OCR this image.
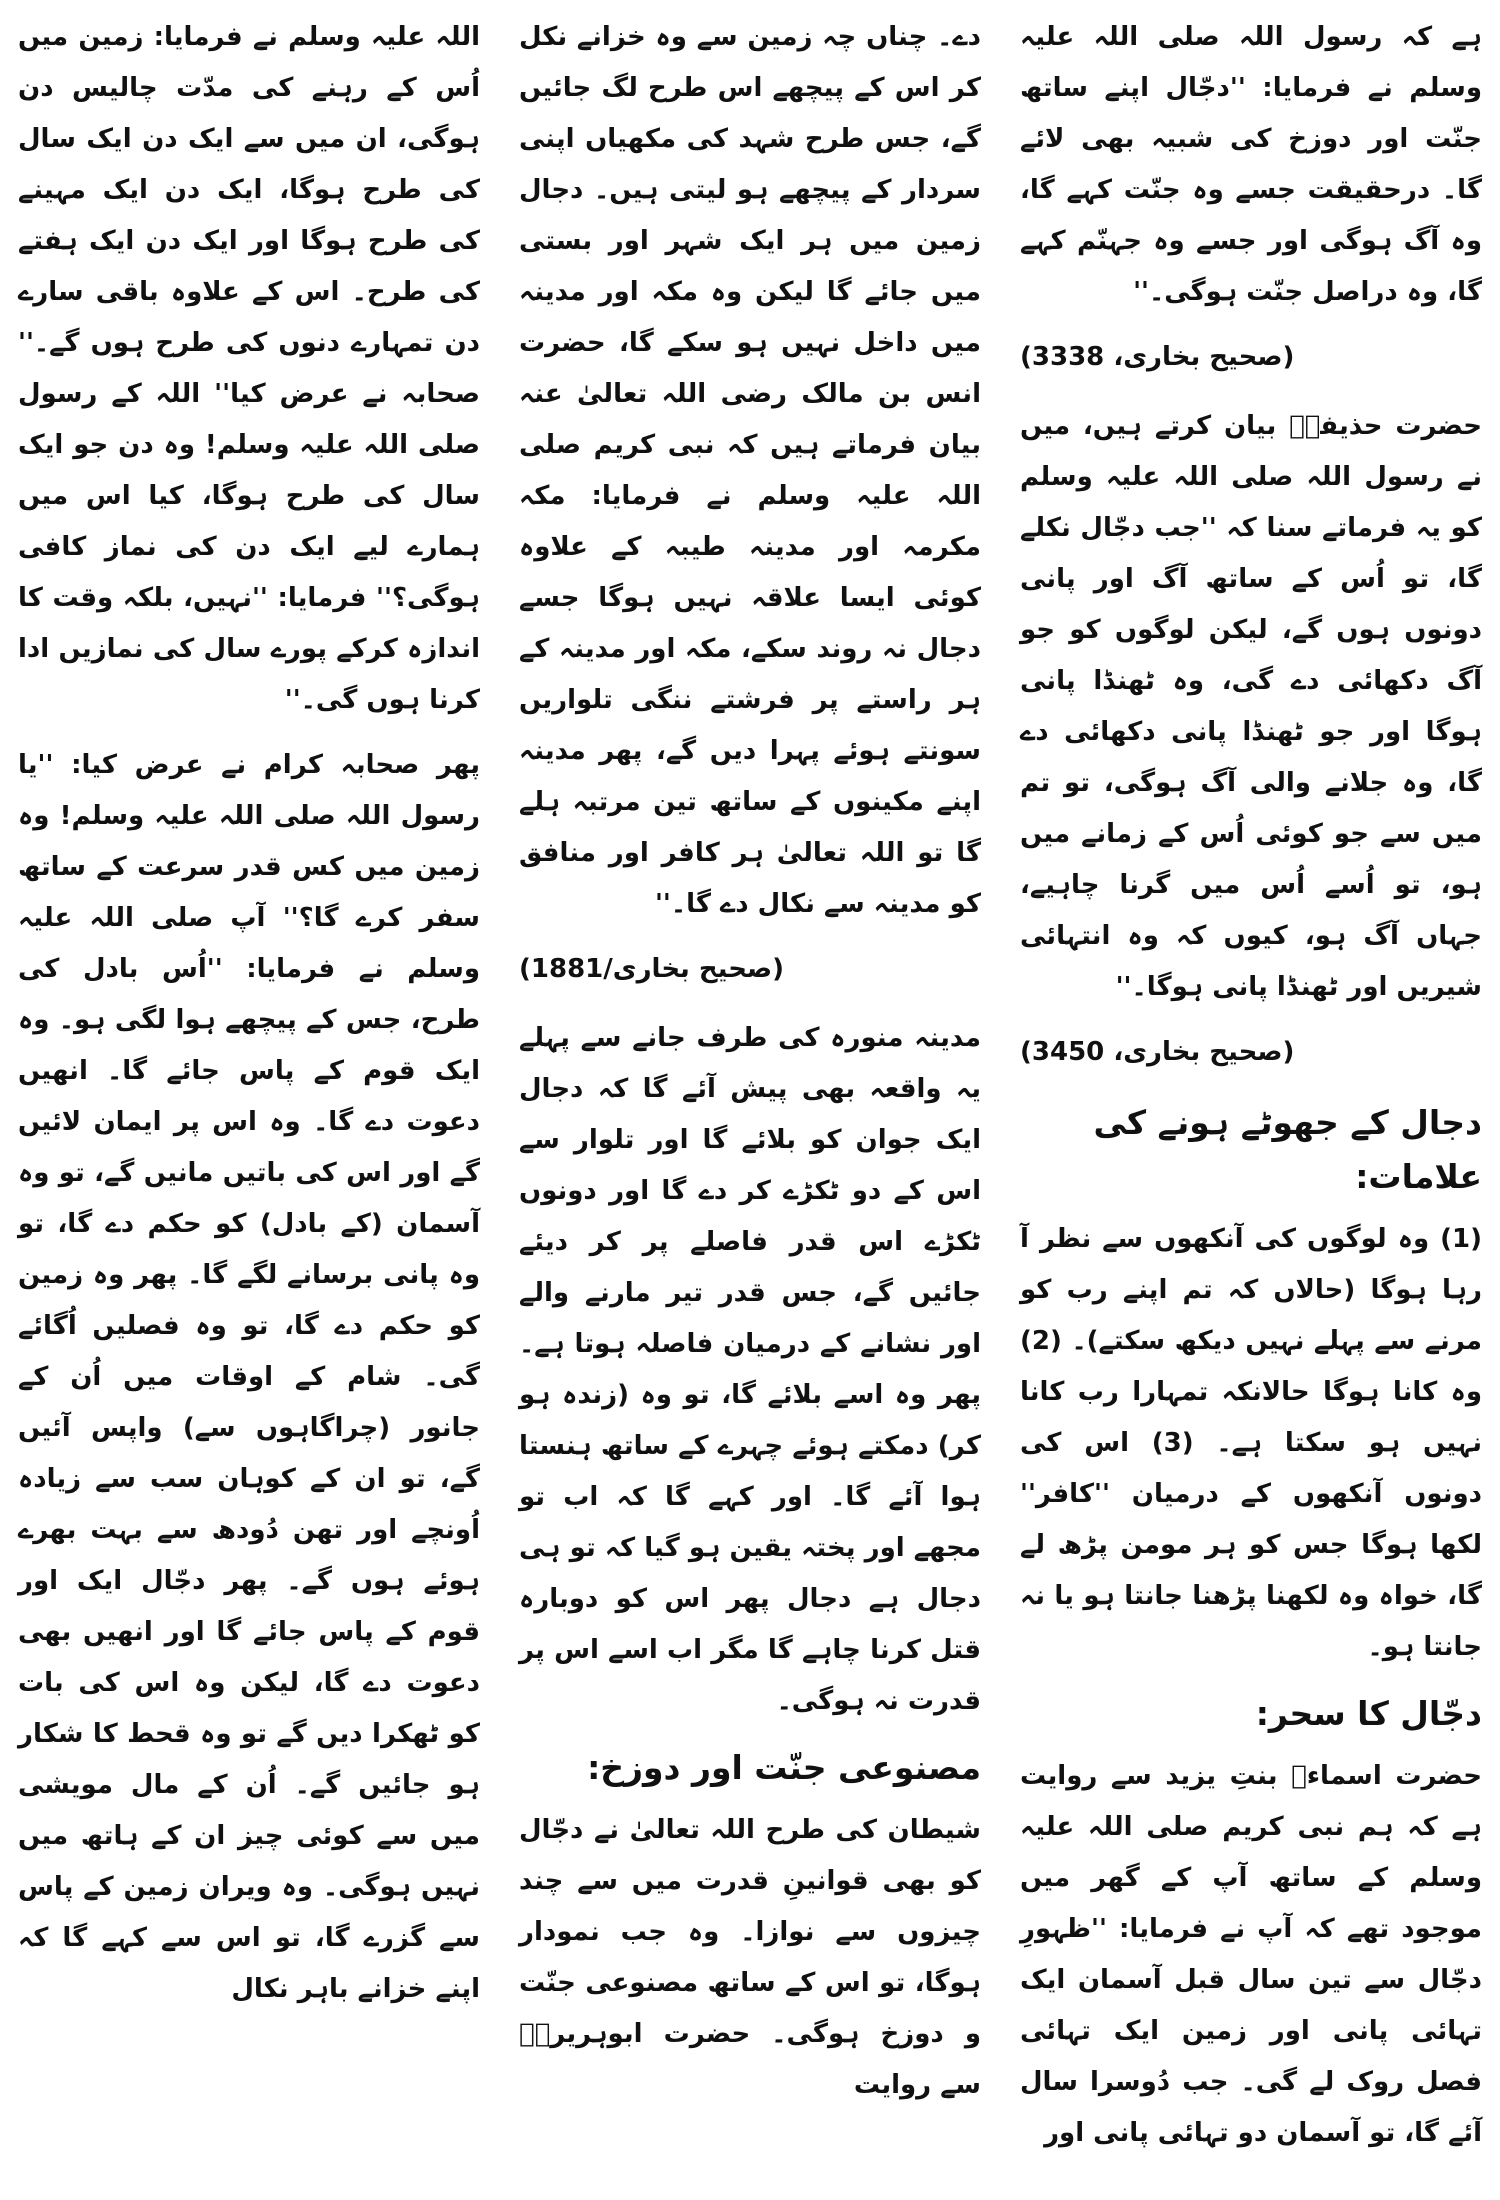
اللہ علیہ وسلم نے فرمایا: زمین میں اُس کے رہنے کی مدّت چالیس دن ہوگی، ان میں سے ایک دن ایک سال کی طرح ہوگا، ایک دن ایک مہینے کی طرح ہوگا اور ایک دن ایک ہفتے کی طرح۔ اس کے علاوہ باقی سارے دن تمہارے دنوں کی طرح ہوں گے۔'' صحابہ نے عرض کیا'' اللہ کے رسول صلی اللہ علیہ وسلم! وہ دن جو ایک سال کی طرح ہوگا، کیا اس میں ہمارے لیے ایک دن کی نماز کافی ہوگی؟'' فرمایا: ''نہیں، بلکہ وقت کا اندازہ کرکے پورے سال کی نمازیں ادا کرنا ہوں گی۔''

پھر صحابہ کرام نے عرض کیا: ''یا رسول اللہ صلی اللہ علیہ وسلم! وہ زمین میں کس قدر سرعت کے ساتھ سفر کرے گا؟'' آپ صلی اللہ علیہ وسلم نے فرمایا: ''اُس بادل کی طرح، جس کے پیچھے ہوا لگی ہو۔ وہ ایک قوم کے پاس جائے گا۔ انھیں دعوت دے گا۔ وہ اس پر ایمان لائیں گے اور اس کی باتیں مانیں گے، تو وہ آسمان (کے بادل) کو حکم دے گا، تو وہ پانی برسانے لگے گا۔ پھر وہ زمین کو حکم دے گا، تو وہ فصلیں اُگائے گی۔ شام کے اوقات میں اُن کے جانور (چراگاہوں سے) واپس آئیں گے، تو ان کے کوہان سب سے زیادہ اُونچے اور تھن دُودھ سے بہت بھرے ہوئے ہوں گے۔ پھر دجّال ایک اور قوم کے پاس جائے گا اور انھیں بھی دعوت دے گا، لیکن وہ اس کی بات کو ٹھکرا دیں گے تو وہ قحط کا شکار ہو جائیں گے۔ اُن کے مال مویشی میں سے کوئی چیز ان کے ہاتھ میں نہیں ہوگی۔ وہ ویران زمین کے پاس سے گزرے گا، تو اس سے کہے گا کہ اپنے خزانے باہر نکال

دے۔ چناں چہ زمین سے وہ خزانے نکل کر اس کے پیچھے اس طرح لگ جائیں گے، جس طرح شہد کی مکھیاں اپنی سردار کے پیچھے ہو لیتی ہیں۔ دجال زمین میں ہر ایک شہر اور بستی میں جائے گا لیکن وہ مکہ اور مدینہ میں داخل نہیں ہو سکے گا، حضرت انس بن مالک رضی اللہ تعالیٰ عنہ بیان فرماتے ہیں کہ نبی کریم صلی اللہ علیہ وسلم نے فرمایا: مکہ مکرمہ اور مدینہ طیبہ کے علاوہ کوئی ایسا علاقہ نہیں ہوگا جسے دجال نہ روند سکے، مکہ اور مدینہ کے ہر راستے پر فرشتے ننگی تلواریں سونتے ہوئے پہرا دیں گے، پھر مدینہ اپنے مکینوں کے ساتھ تین مرتبہ ہلے گا تو اللہ تعالیٰ ہر کافر اور منافق کو مدینہ سے نکال دے گا۔''

(صحیح بخاری/1881)

مدینہ منورہ کی طرف جانے سے پہلے یہ واقعہ بھی پیش آئے گا کہ دجال ایک جوان کو بلائے گا اور تلوار سے اس کے دو ٹکڑے کر دے گا اور دونوں ٹکڑے اس قدر فاصلے پر کر دیئے جائیں گے، جس قدر تیر مارنے والے اور نشانے کے درمیان فاصلہ ہوتا ہے۔ پھر وہ اسے بلائے گا، تو وہ (زندہ ہو کر) دمکتے ہوئے چہرے کے ساتھ ہنستا ہوا آئے گا۔ اور کہے گا کہ اب تو مجھے اور پختہ یقین ہو گیا کہ تو ہی دجال ہے دجال پھر اس کو دوبارہ قتل کرنا چاہے گا مگر اب اسے اس پر قدرت نہ ہوگی۔

مصنوعی جنّت اور دوزخ:

شیطان کی طرح اللہ تعالیٰ نے دجّال کو بھی قوانینِ قدرت میں سے چند چیزوں سے نوازا۔ وہ جب نمودار ہوگا، تو اس کے ساتھ مصنوعی جنّت و دوزخ ہوگی۔ حضرت ابوہریرہؓ سے روایت

ہے کہ رسول اللہ صلی اللہ علیہ وسلم نے فرمایا: ''دجّال اپنے ساتھ جنّت اور دوزخ کی شبیہ بھی لائے گا۔ درحقیقت جسے وہ جنّت کہے گا، وہ آگ ہوگی اور جسے وہ جہنّم کہے گا، وہ دراصل جنّت ہوگی۔''

(صحیح بخاری، 3338)

حضرت حذیفہؓ بیان کرتے ہیں، میں نے رسول اللہ صلی اللہ علیہ وسلم کو یہ فرماتے سنا کہ ''جب دجّال نکلے گا، تو اُس کے ساتھ آگ اور پانی دونوں ہوں گے، لیکن لوگوں کو جو آگ دکھائی دے گی، وہ ٹھنڈا پانی ہوگا اور جو ٹھنڈا پانی دکھائی دے گا، وہ جلانے والی آگ ہوگی، تو تم میں سے جو کوئی اُس کے زمانے میں ہو، تو اُسے اُس میں گرنا چاہیے، جہاں آگ ہو، کیوں کہ وہ انتہائی شیریں اور ٹھنڈا پانی ہوگا۔''

(صحیح بخاری، 3450)

دجال کے جھوٹے ہونے کی علامات:

(1) وہ لوگوں کی آنکھوں سے نظر آ رہا ہوگا (حالاں کہ تم اپنے رب کو مرنے سے پہلے نہیں دیکھ سکتے)۔ (2) وہ کانا ہوگا حالانکہ تمہارا رب کانا نہیں ہو سکتا ہے۔ (3) اس کی دونوں آنکھوں کے درمیان ''کافر'' لکھا ہوگا جس کو ہر مومن پڑھ لے گا، خواہ وہ لکھنا پڑھنا جانتا ہو یا نہ جانتا ہو۔

دجّال کا سحر:

حضرت اسماءؓ بنتِ یزید سے روایت ہے کہ ہم نبی کریم صلی اللہ علیہ وسلم کے ساتھ آپ کے گھر میں موجود تھے کہ آپ نے فرمایا: ''ظہورِ دجّال سے تین سال قبل آسمان ایک تہائی پانی اور زمین ایک تہائی فصل روک لے گی۔ جب دُوسرا سال آئے گا، تو آسمان دو تہائی پانی اور
